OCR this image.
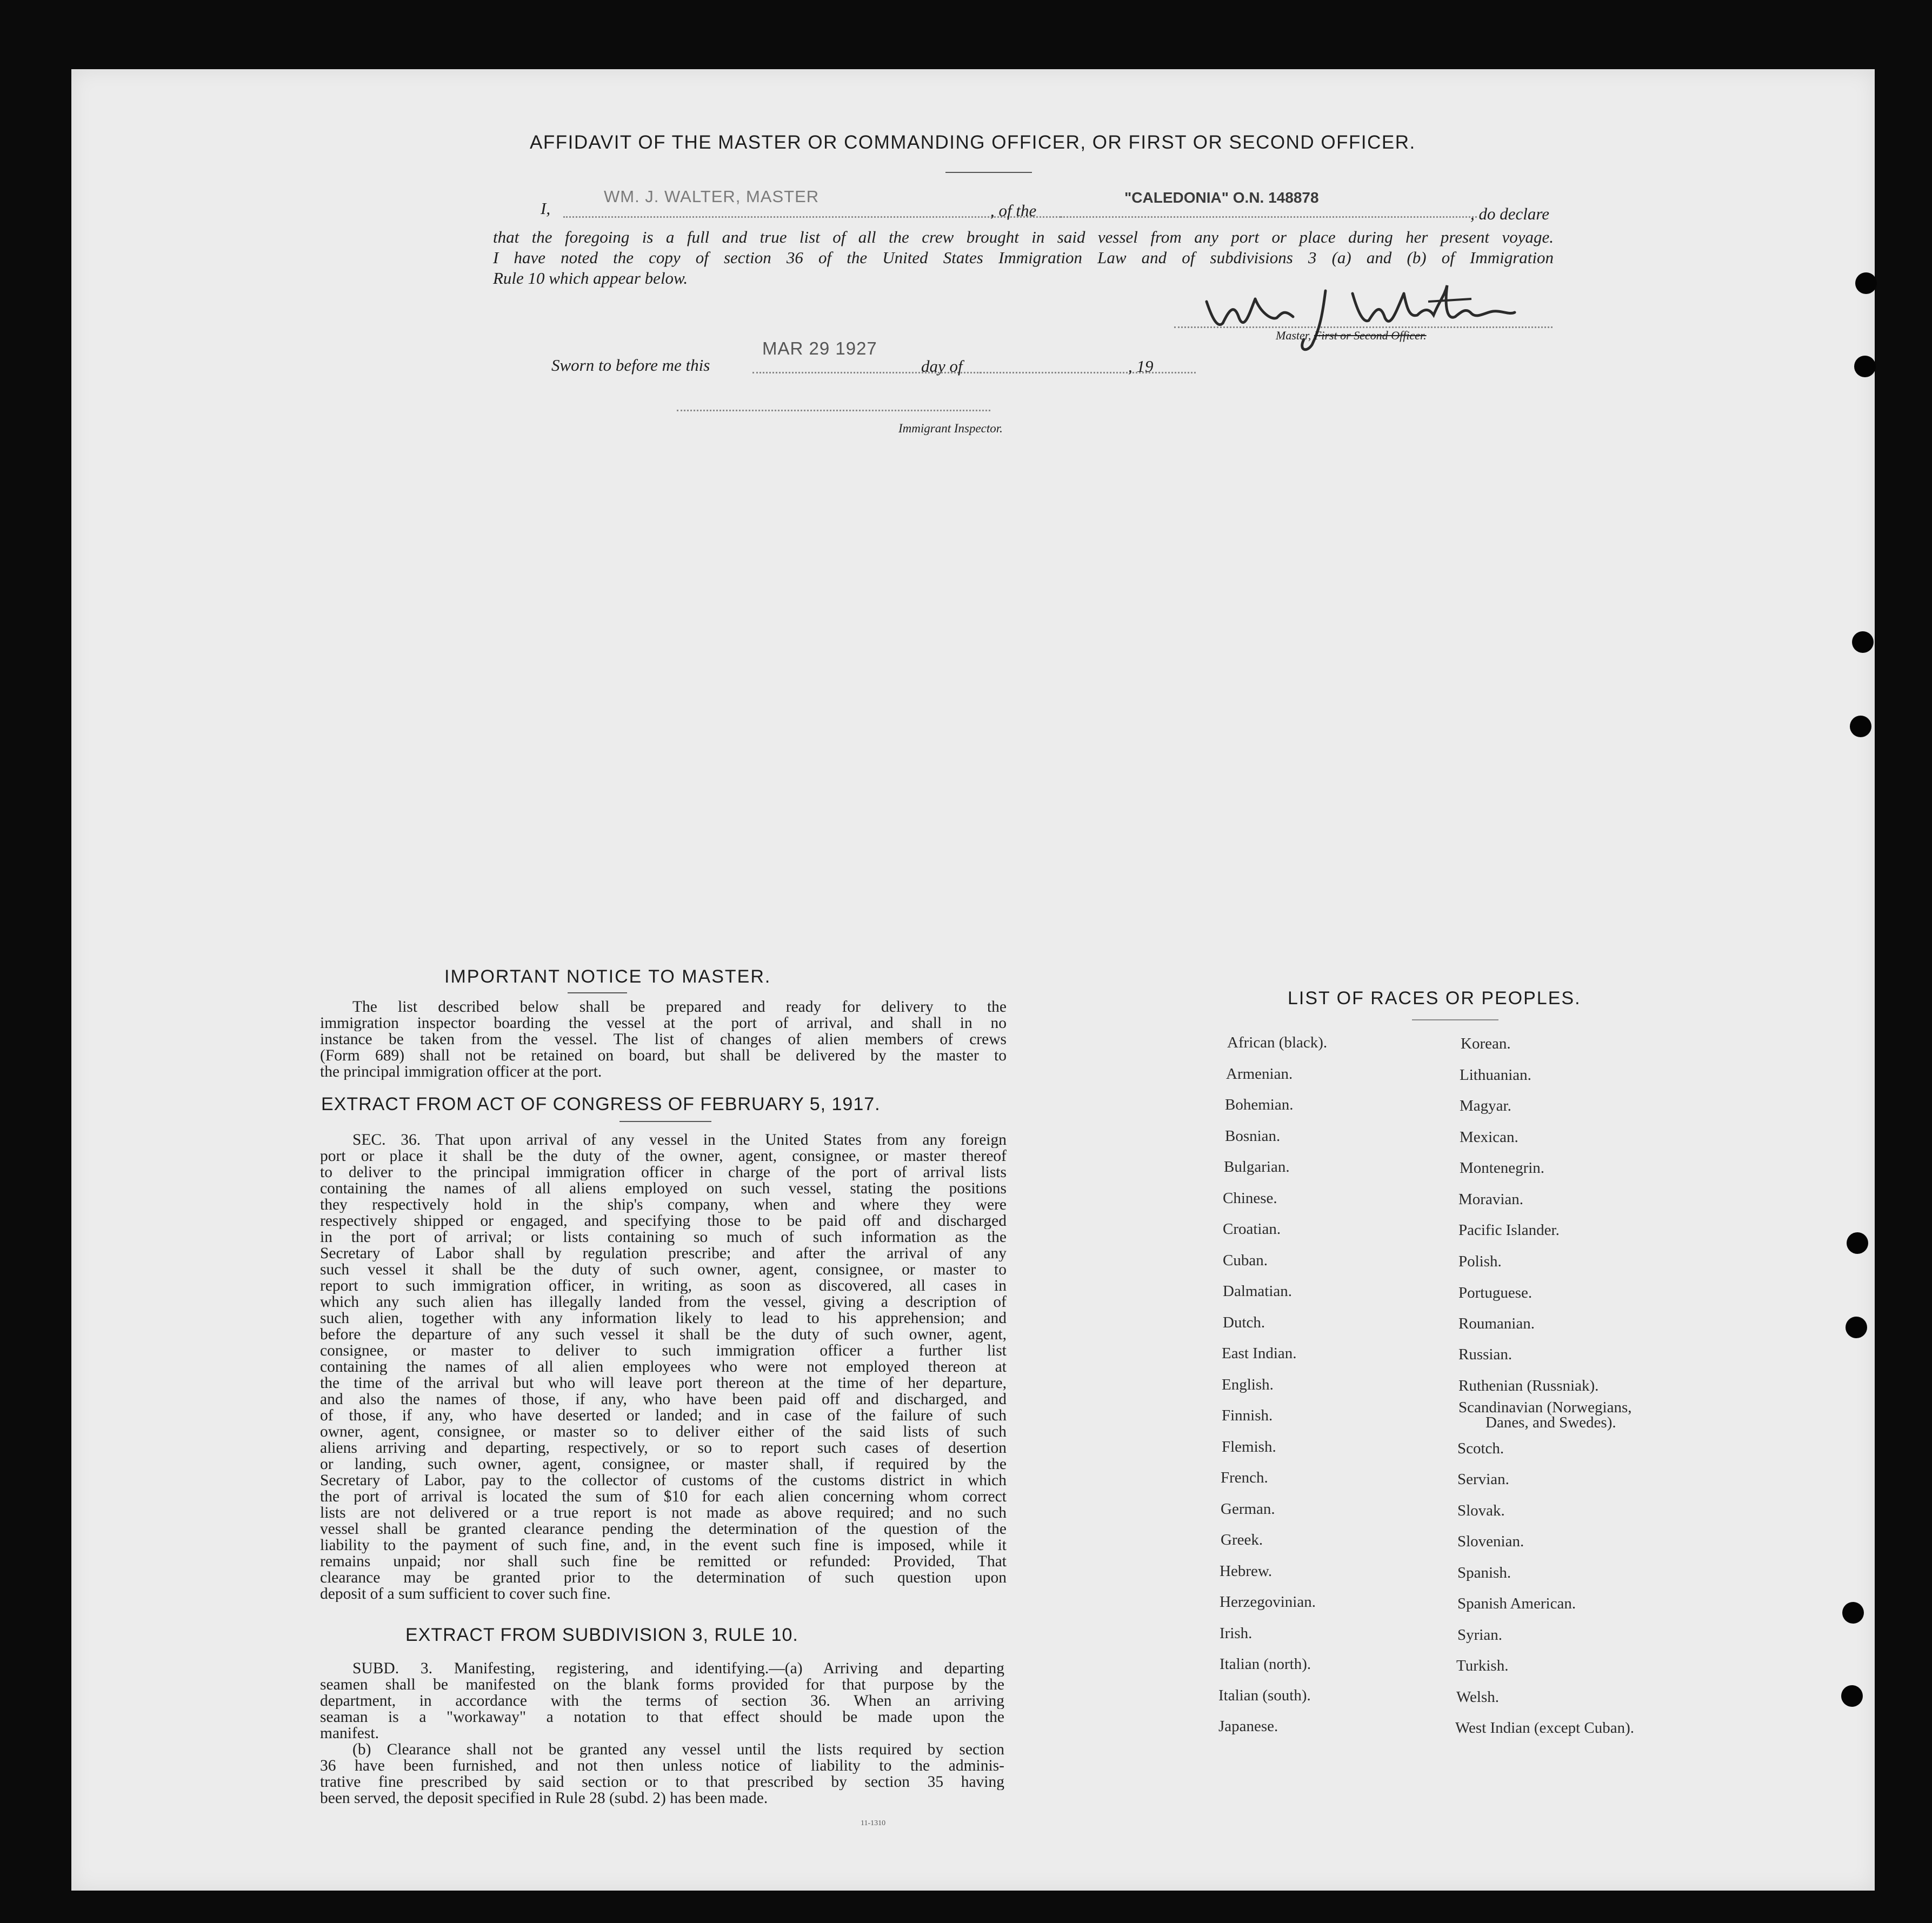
AFFIDAVIT OF THE MASTER OR COMMANDING OFFICER, OR FIRST OR SECOND OFFICER.
I,
WM. J. WALTER, MASTER
, of the
"CALEDONIA" O.N. 148878
, do declare
that the foregoing is a full and true list of all the crew brought in said vessel from any port or place during her present voyage.
I have noted the copy of section 36 of the United States Immigration Law and of subdivisions 3 (a) and (b) of Immigration
Rule 10 which appear below.
Master, First or Second Officer.
Sworn to before me this
MAR 29 1927
day of	, 19
Immigrant Inspector.
IMPORTANT NOTICE TO MASTER.
The list described below shall be prepared and ready for delivery to the
immigration inspector boarding the vessel at the port of arrival, and shall in no
instance be taken from the vessel. The list of changes of alien members of crews
(Form 689) shall not be retained on board, but shall be delivered by the master to
the principal immigration officer at the port.
EXTRACT FROM ACT OF CONGRESS OF FEBRUARY 5, 1917.
SEC. 36. That upon arrival of any vessel in the United States from any foreign
port or place it shall be the duty of the owner, agent, consignee, or master thereof
to deliver to the principal immigration officer in charge of the port of arrival lists
containing the names of all aliens employed on such vessel, stating the positions
they respectively hold in the ship's company, when and where they were
respectively shipped or engaged, and specifying those to be paid off and discharged
in the port of arrival; or lists containing so much of such information as the
Secretary of Labor shall by regulation prescribe; and after the arrival of any
such vessel it shall be the duty of such owner, agent, consignee, or master to
report to such immigration officer, in writing, as soon as discovered, all cases in
which any such alien has illegally landed from the vessel, giving a description of
such alien, together with any information likely to lead to his apprehension; and
before the departure of any such vessel it shall be the duty of such owner, agent,
consignee, or master to deliver to such immigration officer a further list
containing the names of all alien employees who were not employed thereon at
the time of the arrival but who will leave port thereon at the time of her departure,
and also the names of those, if any, who have been paid off and discharged, and
of those, if any, who have deserted or landed; and in case of the failure of such
owner, agent, consignee, or master so to deliver either of the said lists of such
aliens arriving and departing, respectively, or so to report such cases of desertion
or landing, such owner, agent, consignee, or master shall, if required by the
Secretary of Labor, pay to the collector of customs of the customs district in which
the port of arrival is located the sum of $10 for each alien concerning whom correct
lists are not delivered or a true report is not made as above required; and no such
vessel shall be granted clearance pending the determination of the question of the
liability to the payment of such fine, and, in the event such fine is imposed, while it
remains unpaid; nor shall such fine be remitted or refunded: Provided, That
clearance may be granted prior to the determination of such question upon
deposit of a sum sufficient to cover such fine.
EXTRACT FROM SUBDIVISION 3, RULE 10.
SUBD. 3. Manifesting, registering, and identifying.—(a) Arriving and departing
seamen shall be manifested on the blank forms provided for that purpose by the
department, in accordance with the terms of section 36. When an arriving
seaman is a "workaway" a notation to that effect should be made upon the
manifest.
(b) Clearance shall not be granted any vessel until the lists required by section
36 have been furnished, and not then unless notice of liability to the adminis-
trative fine prescribed by said section or to that prescribed by section 35 having
been served, the deposit specified in Rule 28 (subd. 2) has been made.
11-1310
LIST OF RACES OR PEOPLES.
African (black).
Armenian.
Bohemian.
Bosnian.
Bulgarian.
Chinese.
Croatian.
Cuban.
Dalmatian.
Dutch.
East Indian.
English.
Finnish.
Flemish.
French.
German.
Greek.
Hebrew.
Herzegovinian.
Irish.
Italian (north).
Italian (south).
Japanese.
Korean.
Lithuanian.
Magyar.
Mexican.
Montenegrin.
Moravian.
Pacific Islander.
Polish.
Portuguese.
Roumanian.
Russian.
Ruthenian (Russniak).
Scandinavian (Norwegians,
Danes, and Swedes).
Scotch.
Servian.
Slovak.
Slovenian.
Spanish.
Spanish American.
Syrian.
Turkish.
Welsh.
West Indian (except Cuban).
